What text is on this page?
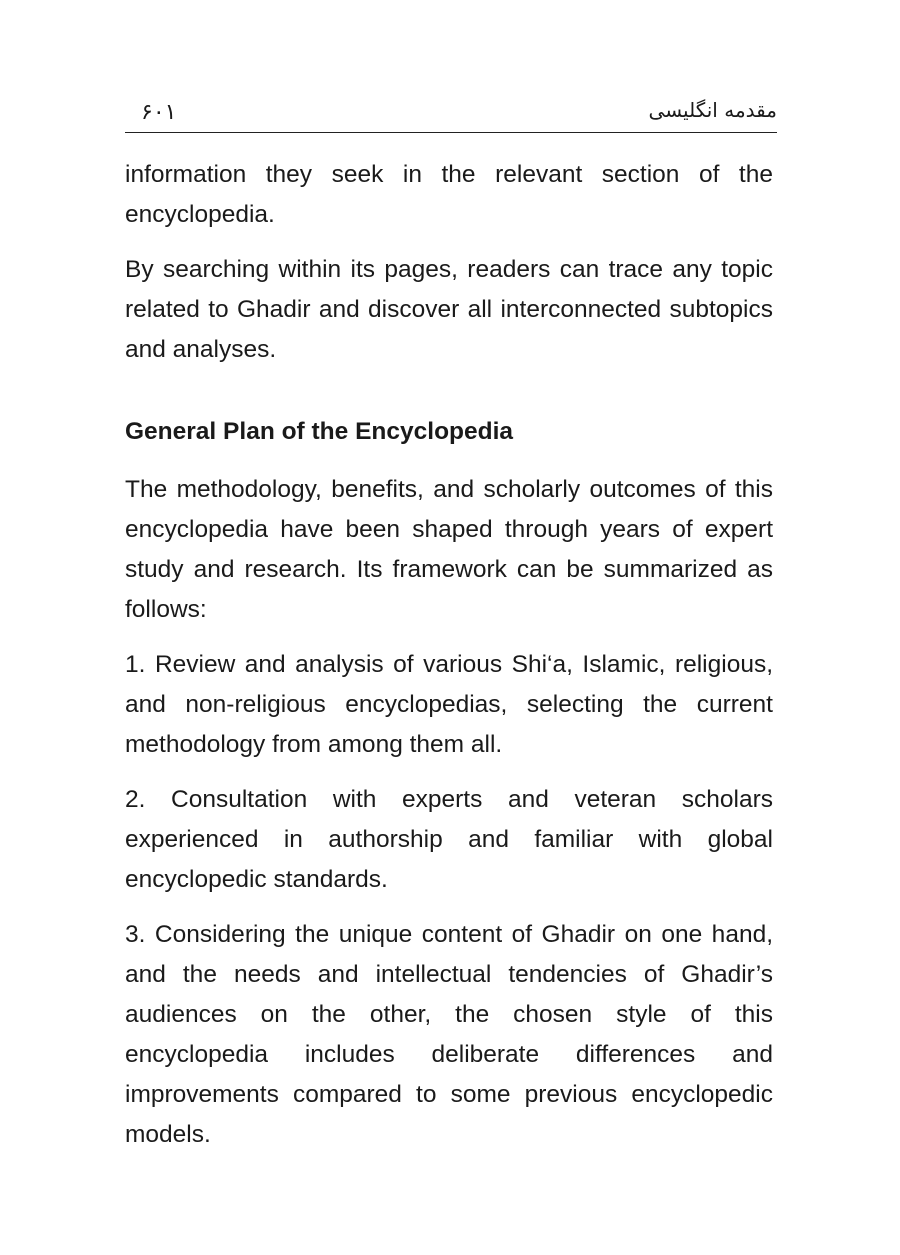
۶۰۱	مقدمه انگلیسی

information they seek in the relevant section of the encyclopedia.

By searching within its pages, readers can trace any topic related to Ghadir and discover all interconnected subtopics and analyses.

General Plan of the Encyclopedia

The methodology, benefits, and scholarly outcomes of this encyclopedia have been shaped through years of expert study and research. Its framework can be summarized as follows:

1. Review and analysis of various Shi‘a, Islamic, religious, and non-religious encyclopedias, selecting the current methodology from among them all.

2. Consultation with experts and veteran scholars experienced in authorship and familiar with global encyclopedic standards.

3. Considering the unique content of Ghadir on one hand, and the needs and intellectual tendencies of Ghadir’s audiences on the other, the chosen style of this encyclopedia includes deliberate differences and improvements compared to some previous encyclopedic models.
